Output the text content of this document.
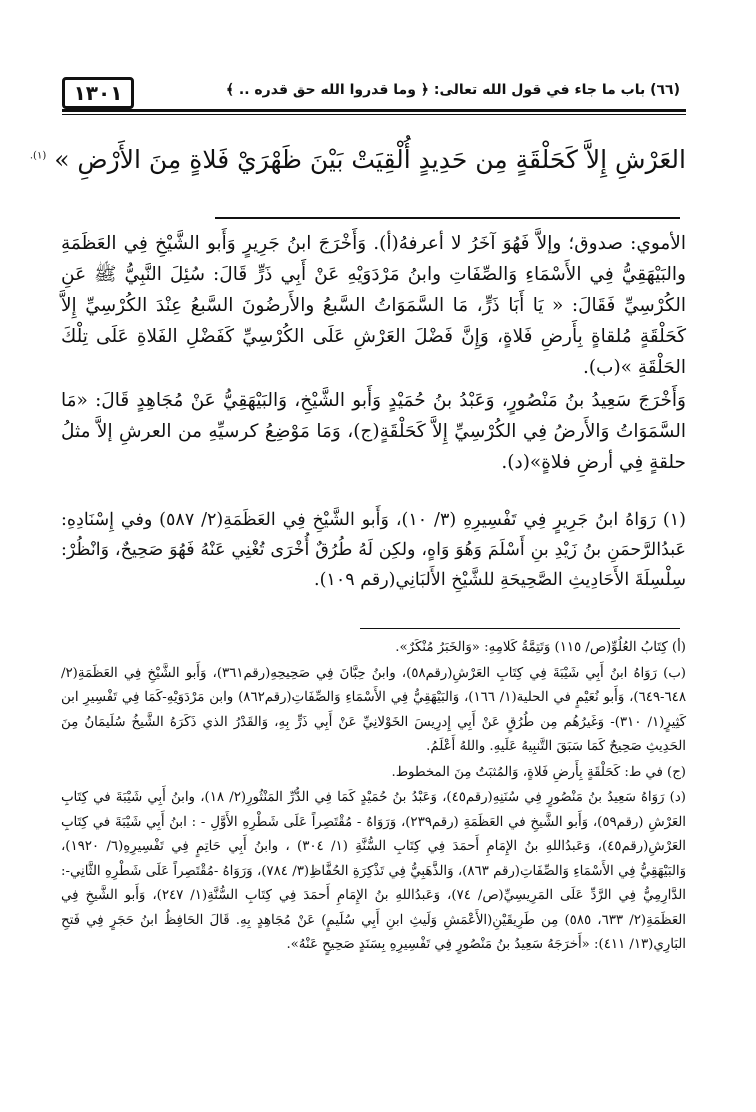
١٣٠١	(٦٦) باب ما جاء في قول الله تعالى: ﴿ وما قدروا الله حق قدره .. ﴾
العَرْشِ إِلاَّ كَحَلْقَةٍ مِن حَدِيدٍ أُلْقِيَتْ بَيْنَ ظَهْرَيْ فَلاةٍ مِنَ الأَرْضِ » $^{(١).}$

الأموي: صدوق؛ وإلاَّ فَهُوَ آخَرُ لا أعرفهُ(أ). وَأَخْرَجَ ابنُ جَرِيرٍ وَأَبو الشَّيْخِ فِي العَظَمَةِ والبَيْهَقِيُّ فِي الأَسْمَاءِ وَالصِّفَاتِ وابنُ مَرْدَوَيْهِ عَنْ أَبِي ذَرٍّ قَالَ: سُئِلَ النَّبِيُّ ﷺ عَنِ الكُرْسِيِّ فَقَالَ: « يَا أَبَا ذَرٍّ، مَا السَّمَوَاتُ السَّبعُ والأَرضُونَ السَّبعُ عِنْدَ الكُرْسِيِّ إِلاَّ كَحَلْقَةٍ مُلقاةٍ بِأَرضِ فَلاةٍ، وَإِنَّ فَضْلَ العَرْشِ عَلَى الكُرْسِيِّ كَفَضْلِ الفَلاةِ عَلَى تِلْكَ الحَلْقَةِ »(ب).

وَأَخْرَجَ سَعِيدُ بنُ مَنْصُورٍ، وَعَبْدُ بنُ حُمَيْدٍ وَأَبو الشَّيْخِ، وَالبَيْهَقِيُّ عَنْ مُجَاهِدٍ قَالَ: «مَا السَّمَوَاتُ وَالأَرضُ فِي الكُرْسِيِّ إِلاَّ كَحَلْقَةٍ(ج)، وَمَا مَوْضِعُ كرسيِّهِ من العرشِ إلاَّ مثلُ حلقةٍ فِي أرضِ فلاةٍ»(د).

(١) رَوَاهُ ابنُ جَرِيرٍ فِي تَفْسِيرِهِ (٣/ ١٠)، وَأَبو الشَّيْخِ فِي العَظَمَةِ(٢/ ٥٨٧) وفي إِسْنَادِهِ: عَبدُالرَّحمَنِ بنُ زَيْدِ بنِ أَسْلَمَ وَهُوَ وَاهٍ، ولكِن لَهُ طُرُقٌ أُخْرَى تُغْنِي عَنْهُ فَهُوَ صَحِيحٌ، وَانْظُرْ: سِلْسِلَةَ الأَحَادِيثِ الصَّحِيحَةِ للشَّيْخِ الأَلبَانِي(رقم ١٠٩).

(أ) كِتَابُ العُلُوِّ(ص/ ١١٥) وَتَتِمَّةُ كَلامِهِ: «وَالخَبَرُ مُنْكَرٌ».

(ب) رَوَاهُ ابنُ أَبِي شَيْبَةَ فِي كِتَابِ العَرْشِ(رقم٥٨)، وابنُ حِبَّانَ فِي صَحِيحِهِ(رقم٣٦١)، وَأَبو الشَّيْخِ فِي العَظَمَةِ(٢/ ٦٤٨-٦٤٩)، وَأَبو نُعَيْمٍ في الحلية(١/ ١٦٦)، وَالبَيْهَقِيُّ فِي الأَسْمَاءِ وَالصِّفَاتِ(رقم٨٦٢) وابن مَرْدَوَيْهِ-كَمَا فِي تَفْسِيرِ ابن كَثِيرٍ(١/ ٣١٠)- وَغَيرُهُم مِن طُرُقٍ عَنْ أَبِي إِدرِيسَ الخَوْلانِيِّ عَنْ أَبِي ذَرٍّ بِهِ، وَالقَدْرُ الذي ذَكَرَهُ الشَّيخُ سُلَيمَانُ مِنَ الحَدِيثِ صَحِيحٌ كَمَا سَبَقَ التَّنبِيهُ عَلَيهِ. واللهُ أَعْلَمُ.

(ج) في ط: كَحَلْقَةٍ بِأَرضِ فَلاةٍ، وَالمُثبَتُ مِنَ المخطوط.

(د) رَوَاهُ سَعِيدُ بنُ مَنْصُورٍ فِي سُنَنِهِ(رقم٤٥)، وَعَبْدُ بنُ حُمَيْدٍ كَمَا فِي الدُّرِّ المَنْثُورِ(٢/ ١٨)، وابنُ أَبِي شَيْبَةَ في كِتَابِ العَرْشِ (رقم٥٩)، وَأَبو الشَّيخِ في العَظَمَةِ (رقم٢٣٩)، وَرَوَاهُ - مُقْتَصِراً عَلَى شَطْرِهِ الأَوَّلِ - : ابنُ أَبِي شَيْبَةَ في كِتَابِ العَرْشِ(رقم٤٥)، وَعَبدُاللهِ بنُ الإِمَامِ أَحمَدَ فِي كِتَابِ السُّنَّةِ (١/ ٣٠٤) ، وابنُ أَبِي حَاتِمٍ فِي تَفْسِيرِهِ(٦/ ١٩٢٠)، وَالبَيْهَقِيُّ فِي الأَسْمَاءِ وَالصِّفَاتِ(رقم ٨٦٣)، وَالذَّهَبِيُّ فِي تَذْكِرَةِ الحُفَّاظِ(٣/ ٧٨٤)، وَرَوَاهُ -مُقْتَصِراً عَلَى شَطْرِهِ الثَّانِي-: الدَّارِمِيُّ فِي الرَّدِّ عَلَى المَرِيسِيِّ(ص/ ٧٤)، وَعَبدُاللهِ بنُ الإِمَامِ أَحمَدَ فِي كِتَابِ السُّنَّةِ(١/ ٢٤٧)، وَأَبو الشَّيخِ فِي العَظَمَةِ(٢/ ٦٣٣، ٥٨٥) مِن طَرِيقَيْنِ(الأَعْمَشِ وَلَيثِ ابنِ أَبِي سُلَيمٍ) عَنْ مُجَاهِدٍ بِهِ. قَالَ الحَافِظُ ابنُ حَجَرٍ فِي فَتحِ البَارِي(١٣/ ٤١١): «أَخرَجَهُ سَعِيدُ بنُ مَنْصُورٍ فِي تَفْسِيرِهِ بِسَنَدٍ صَحِيحٍ عَنْهُ».
